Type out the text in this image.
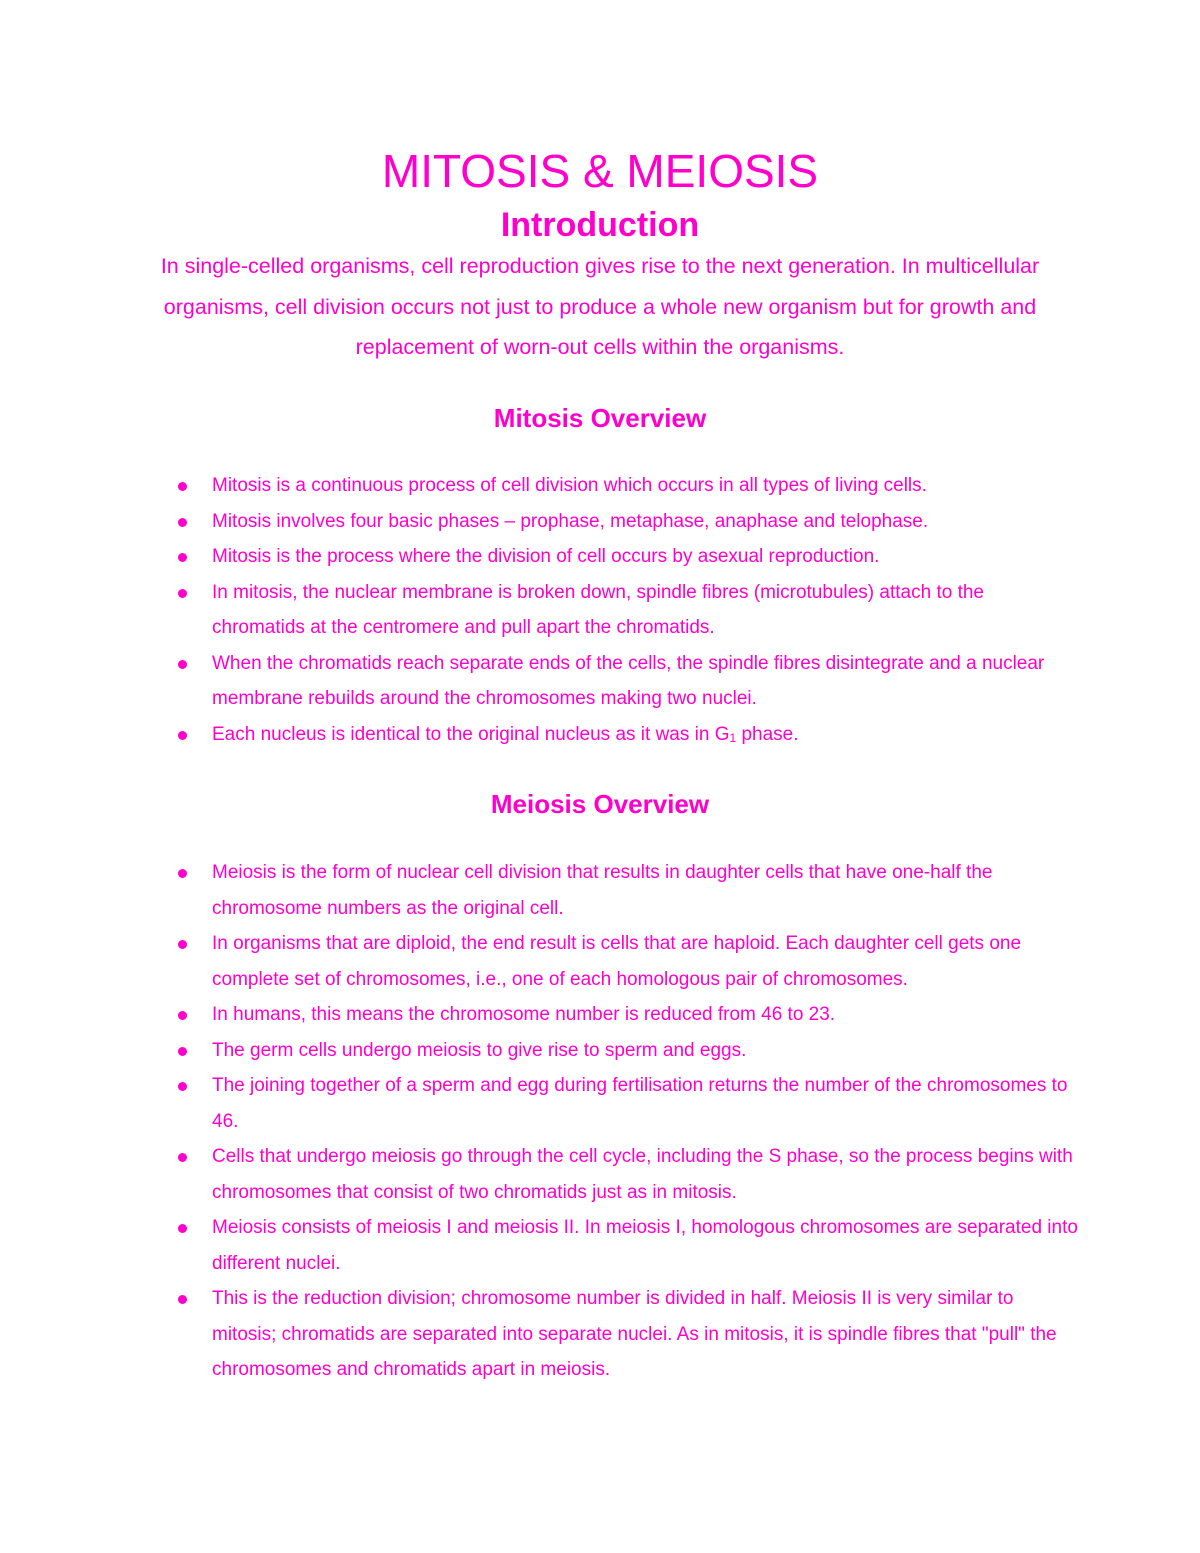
MITOSIS & MEIOSIS
Introduction

In single-celled organisms, cell reproduction gives rise to the next generation. In multicellular organisms, cell division occurs not just to produce a whole new organism but for growth and replacement of worn-out cells within the organisms.

Mitosis Overview
Mitosis is a continuous process of cell division which occurs in all types of living cells.
Mitosis involves four basic phases – prophase, metaphase, anaphase and telophase.
Mitosis is the process where the division of cell occurs by asexual reproduction.
In mitosis, the nuclear membrane is broken down, spindle fibres (microtubules) attach to the chromatids at the centromere and pull apart the chromatids.
When the chromatids reach separate ends of the cells, the spindle fibres disintegrate and a nuclear membrane rebuilds around the chromosomes making two nuclei.
Each nucleus is identical to the original nucleus as it was in $G_1$ phase.
Meiosis Overview
Meiosis is the form of nuclear cell division that results in daughter cells that have one-half the chromosome numbers as the original cell.
In organisms that are diploid, the end result is cells that are haploid. Each daughter cell gets one complete set of chromosomes, i.e., one of each homologous pair of chromosomes.
In humans, this means the chromosome number is reduced from 46 to 23.
The germ cells undergo meiosis to give rise to sperm and eggs.
The joining together of a sperm and egg during fertilisation returns the number of the chromosomes to 46.
Cells that undergo meiosis go through the cell cycle, including the S phase, so the process begins with chromosomes that consist of two chromatids just as in mitosis.
Meiosis consists of meiosis I and meiosis II. In meiosis I, homologous chromosomes are separated into different nuclei.
This is the reduction division; chromosome number is divided in half. Meiosis II is very similar to mitosis; chromatids are separated into separate nuclei. As in mitosis, it is spindle fibres that "pull" the chromosomes and chromatids apart in meiosis.
